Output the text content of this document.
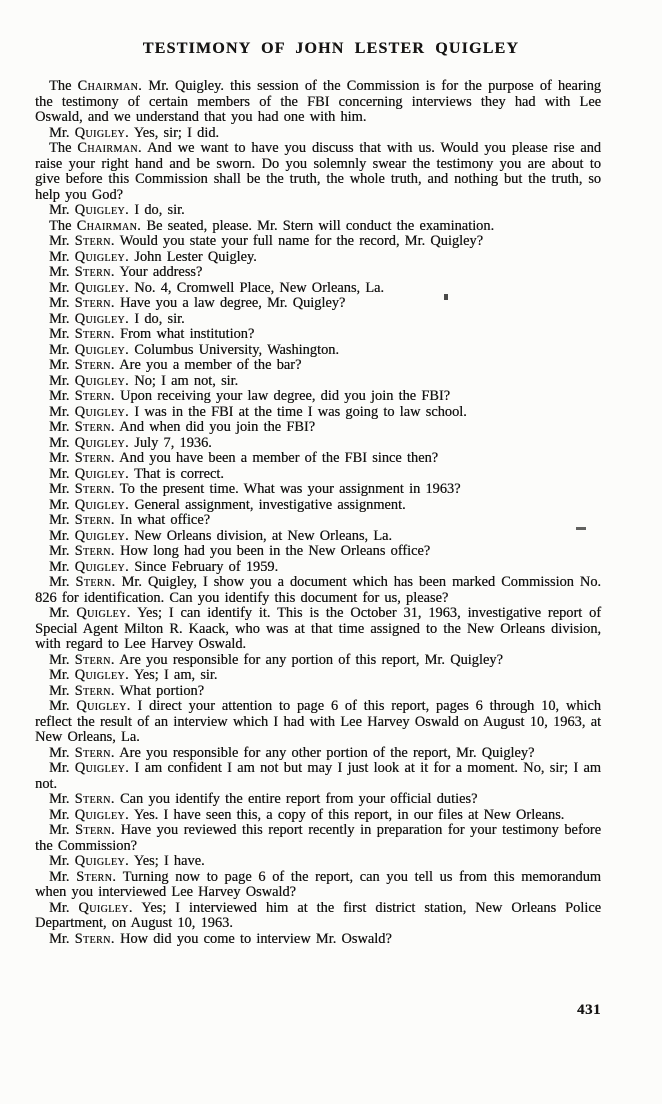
TESTIMONY OF JOHN LESTER QUIGLEY

The Chairman. Mr. Quigley. this session of the Commission is for the purpose of hearing the testimony of certain members of the FBI concerning interviews they had with Lee Oswald, and we understand that you had one with him.

Mr. Quigley. Yes, sir; I did.

The Chairman. And we want to have you discuss that with us. Would you please rise and raise your right hand and be sworn. Do you solemnly swear the testimony you are about to give before this Commission shall be the truth, the whole truth, and nothing but the truth, so help you God?

Mr. Quigley. I do, sir.

The Chairman. Be seated, please. Mr. Stern will conduct the examination.

Mr. Stern. Would you state your full name for the record, Mr. Quigley?

Mr. Quigley. John Lester Quigley.

Mr. Stern. Your address?

Mr. Quigley. No. 4, Cromwell Place, New Orleans, La.

Mr. Stern. Have you a law degree, Mr. Quigley?

Mr. Quigley. I do, sir.

Mr. Stern. From what institution?

Mr. Quigley. Columbus University, Washington.

Mr. Stern. Are you a member of the bar?

Mr. Quigley. No; I am not, sir.

Mr. Stern. Upon receiving your law degree, did you join the FBI?

Mr. Quigley. I was in the FBI at the time I was going to law school.

Mr. Stern. And when did you join the FBI?

Mr. Quigley. July 7, 1936.

Mr. Stern. And you have been a member of the FBI since then?

Mr. Quigley. That is correct.

Mr. Stern. To the present time. What was your assignment in 1963?

Mr. Quigley. General assignment, investigative assignment.

Mr. Stern. In what office?

Mr. Quigley. New Orleans division, at New Orleans, La.

Mr. Stern. How long had you been in the New Orleans office?

Mr. Quigley. Since February of 1959.

Mr. Stern. Mr. Quigley, I show you a document which has been marked Commission No. 826 for identification. Can you identify this document for us, please?

Mr. Quigley. Yes; I can identify it. This is the October 31, 1963, investigative report of Special Agent Milton R. Kaack, who was at that time assigned to the New Orleans division, with regard to Lee Harvey Oswald.

Mr. Stern. Are you responsible for any portion of this report, Mr. Quigley?

Mr. Quigley. Yes; I am, sir.

Mr. Stern. What portion?

Mr. Quigley. I direct your attention to page 6 of this report, pages 6 through 10, which reflect the result of an interview which I had with Lee Harvey Oswald on August 10, 1963, at New Orleans, La.

Mr. Stern. Are you responsible for any other portion of the report, Mr. Quigley?

Mr. Quigley. I am confident I am not but may I just look at it for a moment. No, sir; I am not.

Mr. Stern. Can you identify the entire report from your official duties?

Mr. Quigley. Yes. I have seen this, a copy of this report, in our files at New Orleans.

Mr. Stern. Have you reviewed this report recently in preparation for your testimony before the Commission?

Mr. Quigley. Yes; I have.

Mr. Stern. Turning now to page 6 of the report, can you tell us from this memorandum when you interviewed Lee Harvey Oswald?

Mr. Quigley. Yes; I interviewed him at the first district station, New Orleans Police Department, on August 10, 1963.

Mr. Stern. How did you come to interview Mr. Oswald?

431
